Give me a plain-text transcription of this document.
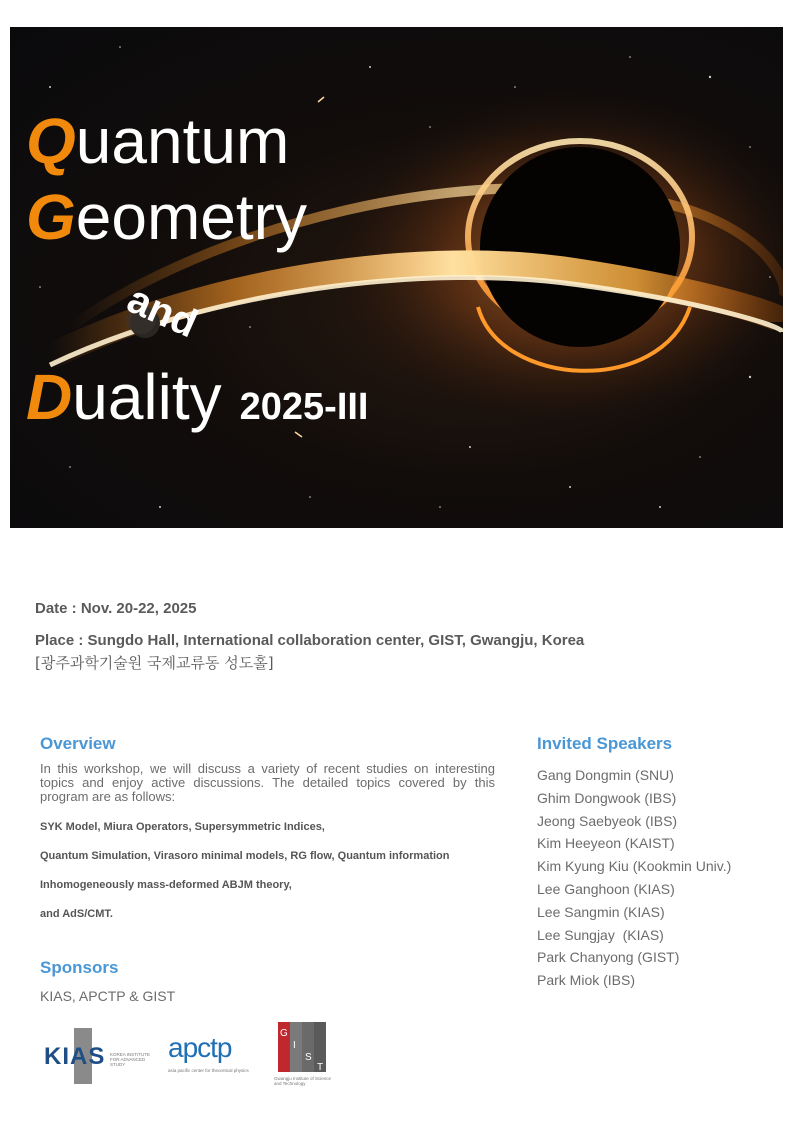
Quantum
Geometry
and
Duality 2025-III
Date : Nov. 20-22, 2025
Place : Sungdo Hall, International collaboration center, GIST, Gwangju, Korea
[광주과학기술원 국제교류동 성도홀]
Overview
In this workshop, we will discuss a variety of recent studies on interesting topics and enjoy active discussions. The detailed topics covered by this program are as follows:
SYK Model, Miura Operators, Supersymmetric Indices,
Quantum Simulation, Virasoro minimal models, RG flow, Quantum information
Inhomogeneously mass-deformed ABJM theory,
and AdS/CMT.
Sponsors
KIAS, APCTP & GIST
Invited Speakers
Gang Dongmin (SNU)
Ghim Dongwook (IBS)
Jeong Saebyeok (IBS)
Kim Heeyeon (KAIST)
Kim Kyung Kiu (Kookmin Univ.)
Lee Ganghoon (KIAS)
Lee Sangmin (KIAS)
Lee Sungjay  (KIAS)
Park Chanyong (GIST)
Park Miok (IBS)
KIAS KOREA INSTITUTE FOR ADVANCED STUDY
apctp
asia pacific center for theoretical physics
G
I
S
T
Gwangju Institute of Science and Technology
